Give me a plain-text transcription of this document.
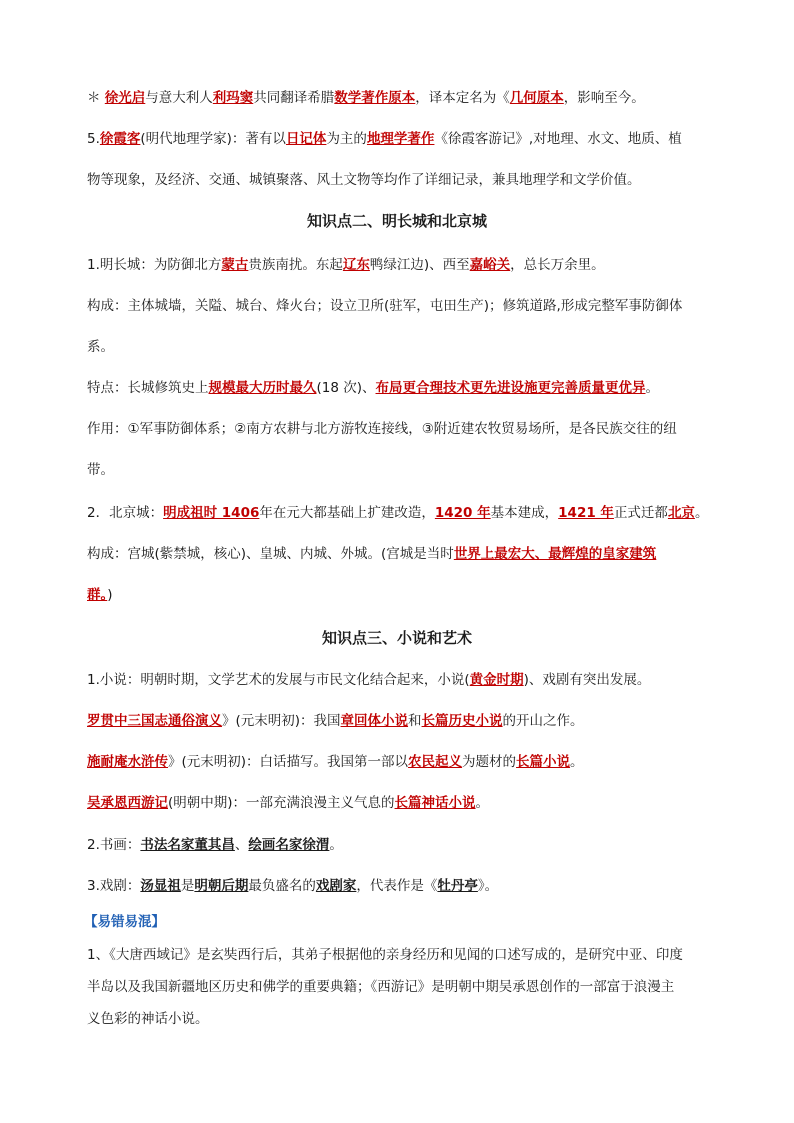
＊ 徐光启与意大利人利玛窦共同翻译希腊数学著作原本，译本定名为《几何原本，影响至今。
5.徐霞客(明代地理学家)：著有以日记体为主的地理学著作《徐霞客游记》,对地理、水文、地质、植
物等现象，及经济、交通、城镇聚落、风土文物等均作了详细记录，兼具地理学和文学价值。
知识点二、明长城和北京城
1.明长城：为防御北方蒙古贵族南扰。东起辽东鸭绿江边)、西至嘉峪关，总长万余里。
构成：主体城墙，关隘、城台、烽火台；设立卫所(驻军，屯田生产)；修筑道路,形成完整军事防御体
系。
特点：长城修筑史上规模最大历时最久(18 次)、布局更合理技术更先进设施更完善质量更优异。
作用：①军事防御体系；②南方农耕与北方游牧连接线，③附近建农牧贸易场所，是各民族交往的纽
带。
2．北京城：明成祖时 1406年在元大都基础上扩建改造，1420 年基本建成，1421 年正式迁都北京。
构成：宫城(紫禁城，核心)、皇城、内城、外城。(宫城是当时世界上最宏大、最辉煌的皇家建筑
群。)
知识点三、小说和艺术
1.小说：明朝时期，文学艺术的发展与市民文化结合起来，小说(黄金时期)、戏剧有突出发展。
罗贯中三国志通俗演义》(元末明初)：我国章回体小说和长篇历史小说的开山之作。
施耐庵水浒传》(元末明初)：白话描写。我国第一部以农民起义为题材的长篇小说。
吴承恩西游记(明朝中期)：一部充满浪漫主义气息的长篇神话小说。
2.书画：书法名家董其昌、绘画名家徐渭。
3.戏剧：汤显祖是明朝后期最负盛名的戏剧家，代表作是《牡丹亭》。
【易错易混】
1、《大唐西域记》是玄奘西行后，其弟子根据他的亲身经历和见闻的口述写成的，是研究中亚、印度
半岛以及我国新疆地区历史和佛学的重要典籍；《西游记》是明朝中期吴承恩创作的一部富于浪漫主
义色彩的神话小说。
